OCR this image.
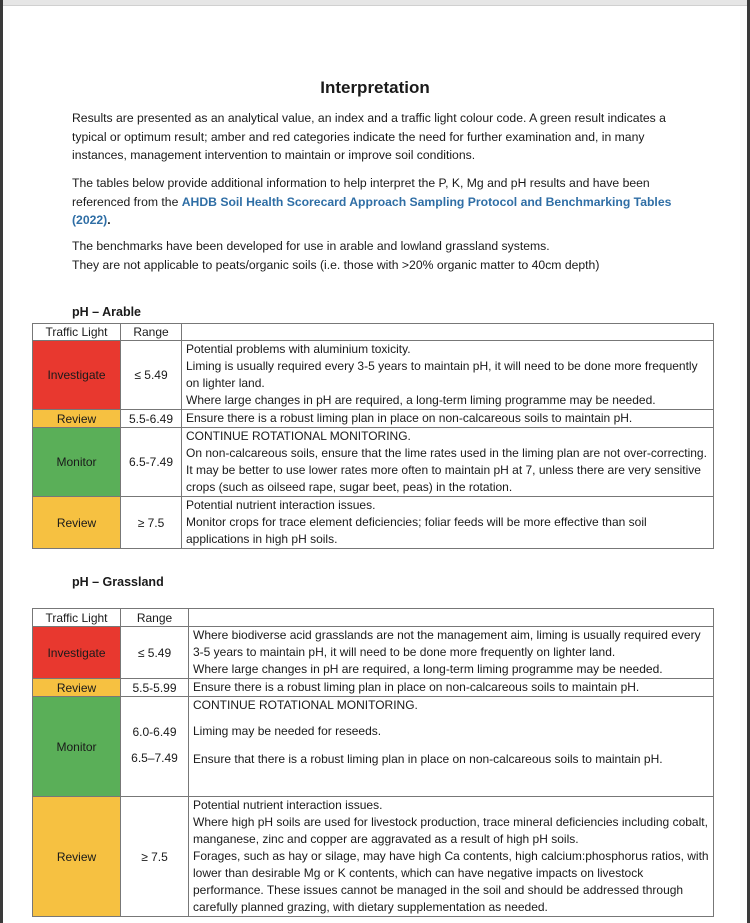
Interpretation

Results are presented as an analytical value, an index and a traffic light colour code. A green result indicates a typical or optimum result; amber and red categories indicate the need for further examination and, in many instances, management intervention to maintain or improve soil conditions.

The tables below provide additional information to help interpret the P, K, Mg and pH results and have been referenced from the AHDB Soil Health Scorecard Approach Sampling Protocol and Benchmarking Tables (2022).

The benchmarks have been developed for use in arable and lowland grassland systems.
They are not applicable to peats/organic soils (i.e. those with >20% organic matter to 40cm depth)

pH – Arable
Traffic Light	Range	
Investigate	≤ 5.49	Potential problems with aluminium toxicity.
Liming is usually required every 3-5 years to maintain pH, it will need to be done more frequently on lighter land.
Where large changes in pH are required, a long-term liming programme may be needed.

Review	5.5-6.49	Ensure there is a robust liming plan in place on non-calcareous soils to maintain pH.
Monitor	6.5-7.49	CONTINUE ROTATIONAL MONITORING.
On non-calcareous soils, ensure that the lime rates used in the liming plan are not over-correcting. It may be better to use lower rates more often to maintain pH at 7, unless there are very sensitive crops (such as oilseed rape, sugar beet, peas) in the rotation.

Review	≥ 7.5	Potential nutrient interaction issues.
Monitor crops for trace element deficiencies; foliar feeds will be more effective than soil applications in high pH soils.
pH – Grassland
Traffic Light	Range	
Investigate	≤ 5.49	Where biodiverse acid grasslands are not the management aim, liming is usually required every 3-5 years to maintain pH, it will need to be done more frequently on lighter land.
Where large changes in pH are required, a long-term liming programme may be needed.

Review	5.5-5.99	Ensure there is a robust liming plan in place on non-calcareous soils to maintain pH.
Monitor		CONTINUE ROTATIONAL MONITORING.
	6.0-6.49	Liming may be needed for reseeds.
	6.5–7.49	Ensure that there is a robust liming plan in place on non-calcareous soils to maintain pH.
Review	≥ 7.5	Potential nutrient interaction issues.
Where high pH soils are used for livestock production, trace mineral deficiencies including cobalt, manganese, zinc and copper are aggravated as a result of high pH soils.
Forages, such as hay or silage, may have high Ca contents, high calcium:phosphorus ratios, with lower than desirable Mg or K contents, which can have negative impacts on livestock performance. These issues cannot be managed in the soil and should be addressed through carefully planned grazing, with dietary supplementation as needed.
